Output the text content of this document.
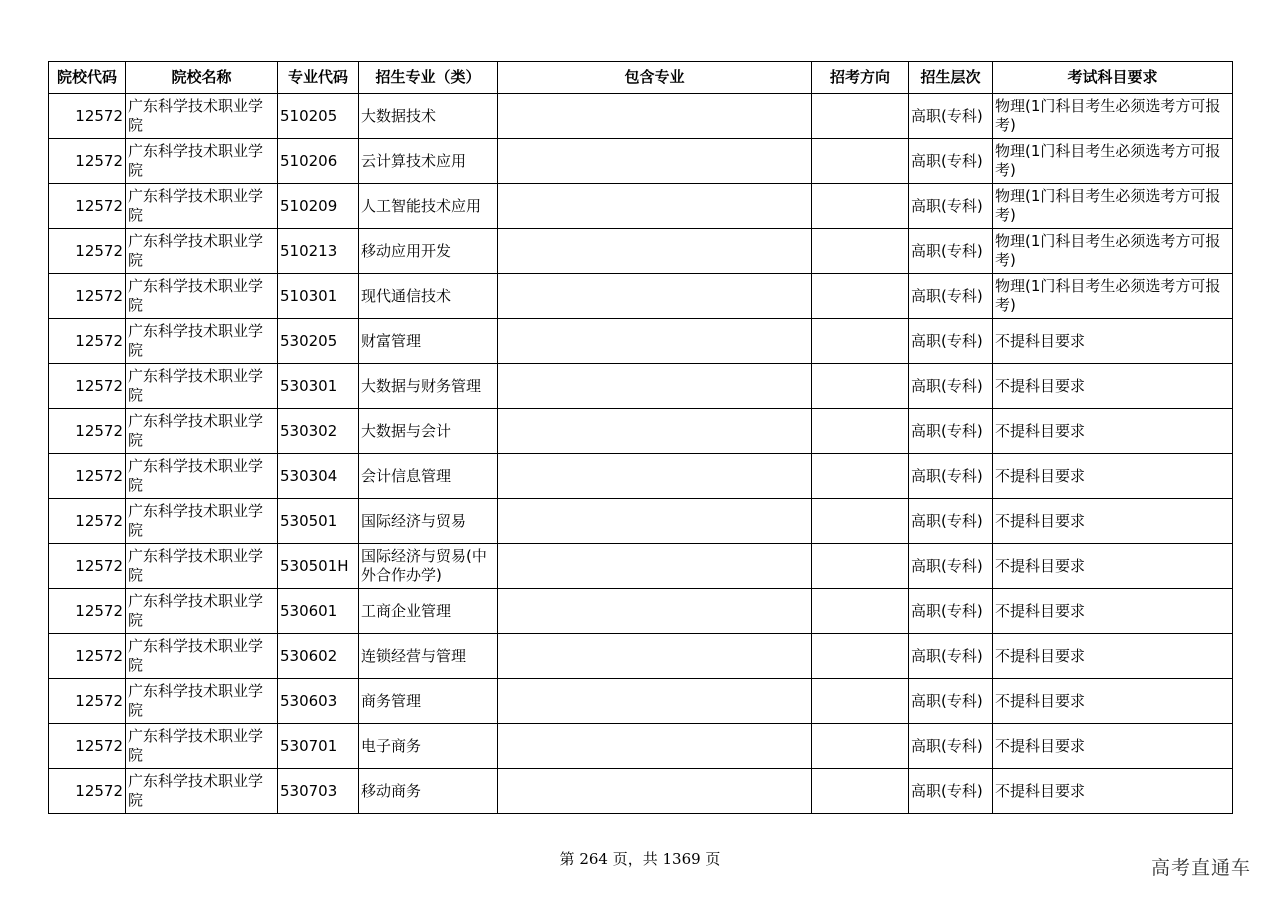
院校代码	院校名称	专业代码	招生专业（类）	包含专业	招考方向	招生层次	考试科目要求
12572	广东科学技术职业学院	510205	大数据技术			高职(专科)	物理(1门科目考生必须选考方可报考)
12572	广东科学技术职业学院	510206	云计算技术应用			高职(专科)	物理(1门科目考生必须选考方可报考)
12572	广东科学技术职业学院	510209	人工智能技术应用			高职(专科)	物理(1门科目考生必须选考方可报考)
12572	广东科学技术职业学院	510213	移动应用开发			高职(专科)	物理(1门科目考生必须选考方可报考)
12572	广东科学技术职业学院	510301	现代通信技术			高职(专科)	物理(1门科目考生必须选考方可报考)
12572	广东科学技术职业学院	530205	财富管理			高职(专科)	不提科目要求
12572	广东科学技术职业学院	530301	大数据与财务管理			高职(专科)	不提科目要求
12572	广东科学技术职业学院	530302	大数据与会计			高职(专科)	不提科目要求
12572	广东科学技术职业学院	530304	会计信息管理			高职(专科)	不提科目要求
12572	广东科学技术职业学院	530501	国际经济与贸易			高职(专科)	不提科目要求
12572	广东科学技术职业学院	530501H	国际经济与贸易(中外合作办学)			高职(专科)	不提科目要求
12572	广东科学技术职业学院	530601	工商企业管理			高职(专科)	不提科目要求
12572	广东科学技术职业学院	530602	连锁经营与管理			高职(专科)	不提科目要求
12572	广东科学技术职业学院	530603	商务管理			高职(专科)	不提科目要求
12572	广东科学技术职业学院	530701	电子商务			高职(专科)	不提科目要求
12572	广东科学技术职业学院	530703	移动商务			高职(专科)	不提科目要求
第 264 页，共 1369 页	高考直通车
